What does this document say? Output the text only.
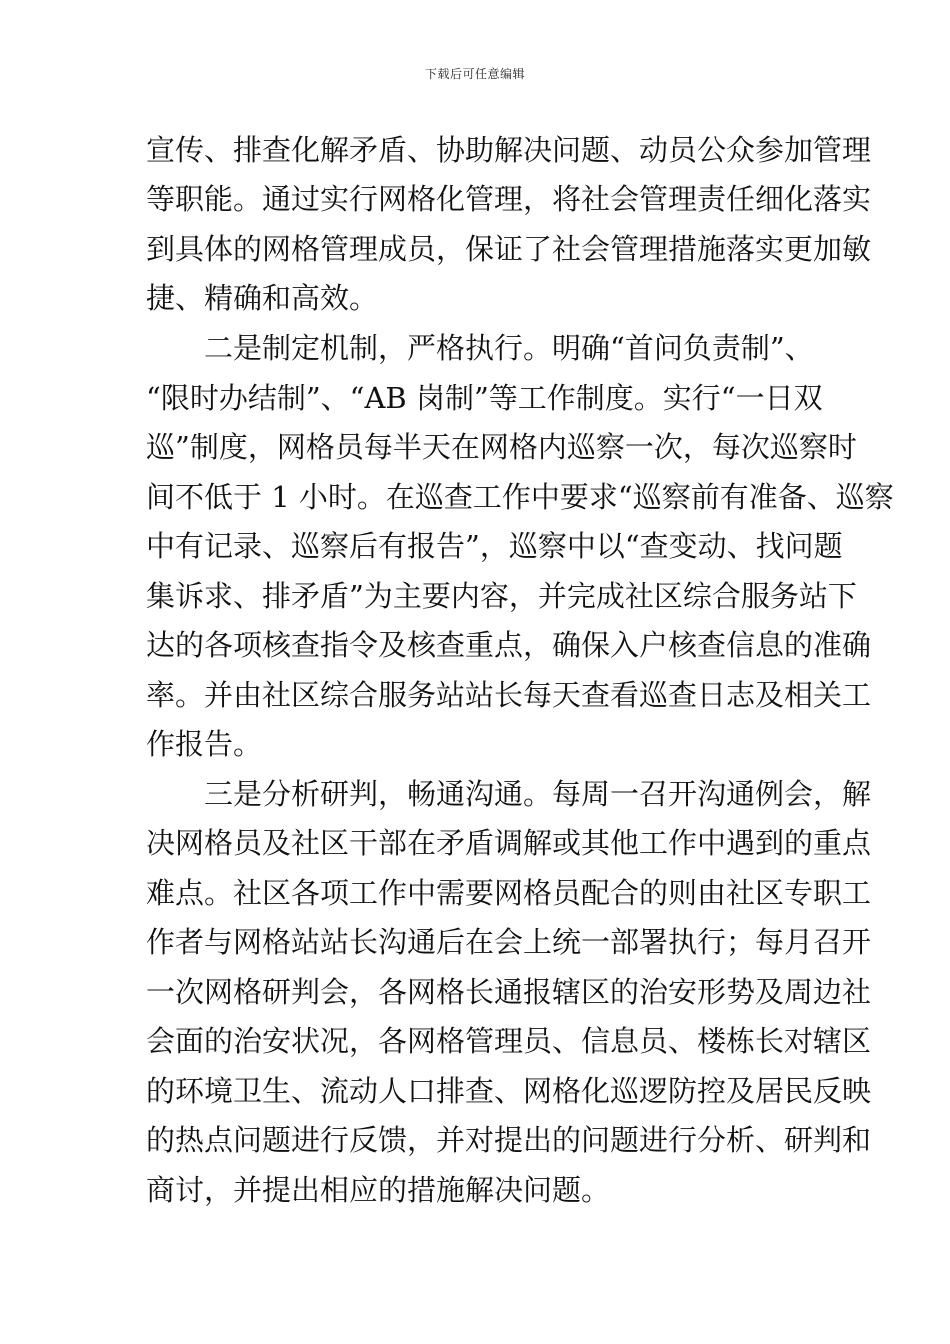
下载后可任意编辑
宣传、排查化解矛盾、协助解决问题、动员公众参加管理
等职能。通过实行网格化管理，将社会管理责任细化落实
到具体的网格管理成员，保证了社会管理措施落实更加敏
捷、精确和高效。
二是制定机制，严格执行。明确“首问负责制”、
“限时办结制”、“AB 岗制”等工作制度。实行“一日双
巡”制度，网格员每半天在网格内巡察一次，每次巡察时
间不低于 1 小时。在巡查工作中要求“巡察前有准备、巡察
中有记录、巡察后有报告”，巡察中以“查变动、找问题
集诉求、排矛盾”为主要内容，并完成社区综合服务站下
达的各项核查指令及核查重点，确保入户核查信息的准确
率。并由社区综合服务站站长每天查看巡查日志及相关工
作报告。
三是分析研判，畅通沟通。每周一召开沟通例会，解
决网格员及社区干部在矛盾调解或其他工作中遇到的重点
难点。社区各项工作中需要网格员配合的则由社区专职工
作者与网格站站长沟通后在会上统一部署执行；每月召开
一次网格研判会，各网格长通报辖区的治安形势及周边社
会面的治安状况，各网格管理员、信息员、楼栋长对辖区
的环境卫生、流动人口排查、网格化巡逻防控及居民反映
的热点问题进行反馈，并对提出的问题进行分析、研判和
商讨，并提出相应的措施解决问题。
